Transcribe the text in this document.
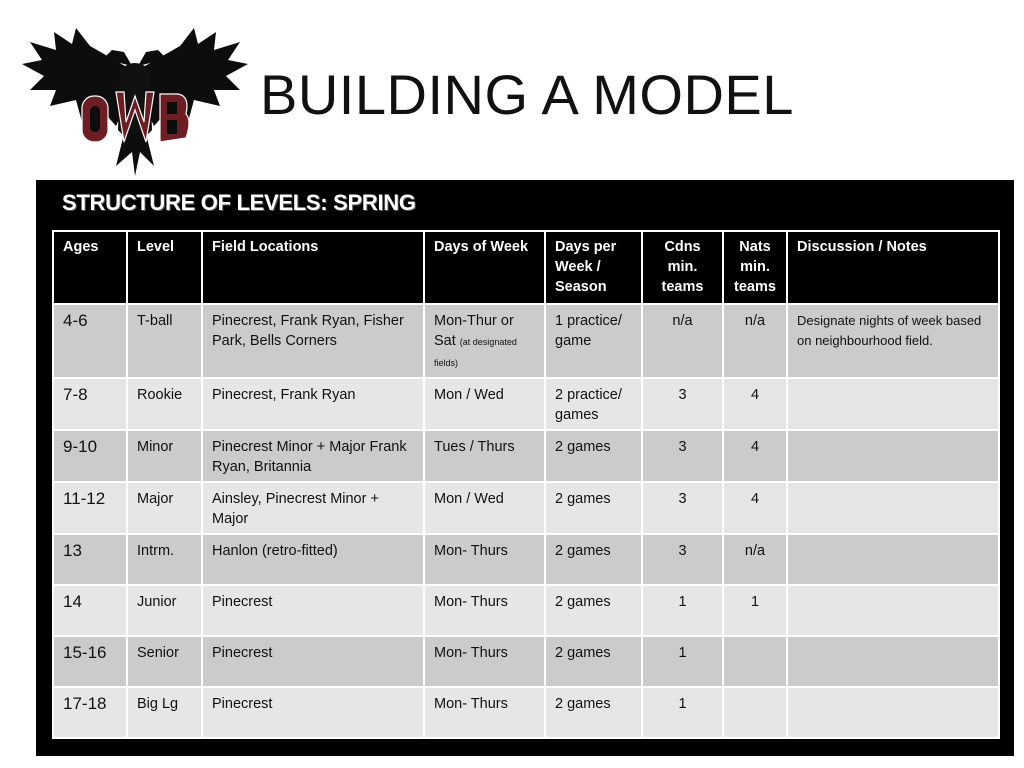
BUILDING A MODEL
STRUCTURE OF LEVELS: SPRING
Ages	Level	Field Locations	Days of Week	Days per Week / Season	Cdns min. teams	Nats min. teams	Discussion / Notes
4-6	T-ball	Pinecrest, Frank Ryan, Fisher Park, Bells Corners	Mon-Thur or Sat (at designated fields)	1 practice/ game	n/a	n/a	Designate nights of week based on neighbourhood field.
7-8	Rookie	Pinecrest, Frank Ryan	Mon / Wed	2 practice/ games	3	4	
9-10	Minor	Pinecrest Minor + Major Frank Ryan, Britannia	Tues / Thurs	2 games	3	4	
11-12	Major	Ainsley, Pinecrest Minor + Major	Mon / Wed	2 games	3	4	
13	Intrm.	Hanlon (retro-fitted)	Mon- Thurs	2 games	3	n/a	
14	Junior	Pinecrest	Mon- Thurs	2 games	1	1	
15-16	Senior	Pinecrest	Mon- Thurs	2 games	1		
17-18	Big Lg	Pinecrest	Mon- Thurs	2 games	1		
